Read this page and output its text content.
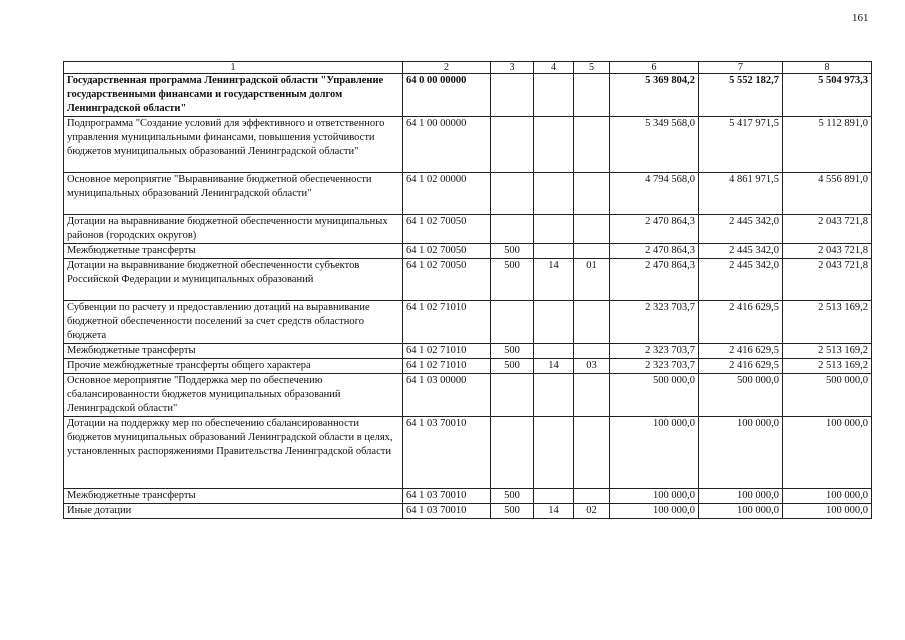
161
1	2	3	4	5	6	7	8
Государственная программа Ленинградской области "Управление государственными финансами и государственным долгом Ленинградской области"	64 0 00 00000				5 369 804,2	5 552 182,7	5 504 973,3
Подпрограмма "Создание условий для эффективного и ответственного управления муниципальными финансами, повышения устойчивости бюджетов муниципальных образований Ленинградской области"	64 1 00 00000				5 349 568,0	5 417 971,5	5 112 891,0
Основное мероприятие "Выравнивание бюджетной обеспеченности муниципальных образований Ленинградской области"	64 1 02 00000				4 794 568,0	4 861 971,5	4 556 891,0
Дотации на выравнивание бюджетной обеспеченности муниципальных районов (городских округов)	64 1 02 70050				2 470 864,3	2 445 342,0	2 043 721,8
Межбюджетные трансферты	64 1 02 70050	500			2 470 864,3	2 445 342,0	2 043 721,8
Дотации на выравнивание бюджетной обеспеченности субъектов Российской Федерации и муниципальных образований	64 1 02 70050	500	14	01	2 470 864,3	2 445 342,0	2 043 721,8
Субвенции по расчету и предоставлению дотаций на выравнивание бюджетной обеспеченности поселений за счет средств областного бюджета	64 1 02 71010				2 323 703,7	2 416 629,5	2 513 169,2
Межбюджетные трансферты	64 1 02 71010	500			2 323 703,7	2 416 629,5	2 513 169,2
Прочие межбюджетные трансферты общего характера	64 1 02 71010	500	14	03	2 323 703,7	2 416 629,5	2 513 169,2
Основное мероприятие "Поддержка мер по обеспечению сбалансированности бюджетов муниципальных образований Ленинградской области"	64 1 03 00000				500 000,0	500 000,0	500 000,0
Дотации на поддержку мер по обеспечению сбалансированности бюджетов муниципальных образований Ленинградской области в целях, установленных распоряжениями Правительства Ленинградской области	64 1 03 70010				100 000,0	100 000,0	100 000,0
Межбюджетные трансферты	64 1 03 70010	500			100 000,0	100 000,0	100 000,0
Иные дотации	64 1 03 70010	500	14	02	100 000,0	100 000,0	100 000,0
